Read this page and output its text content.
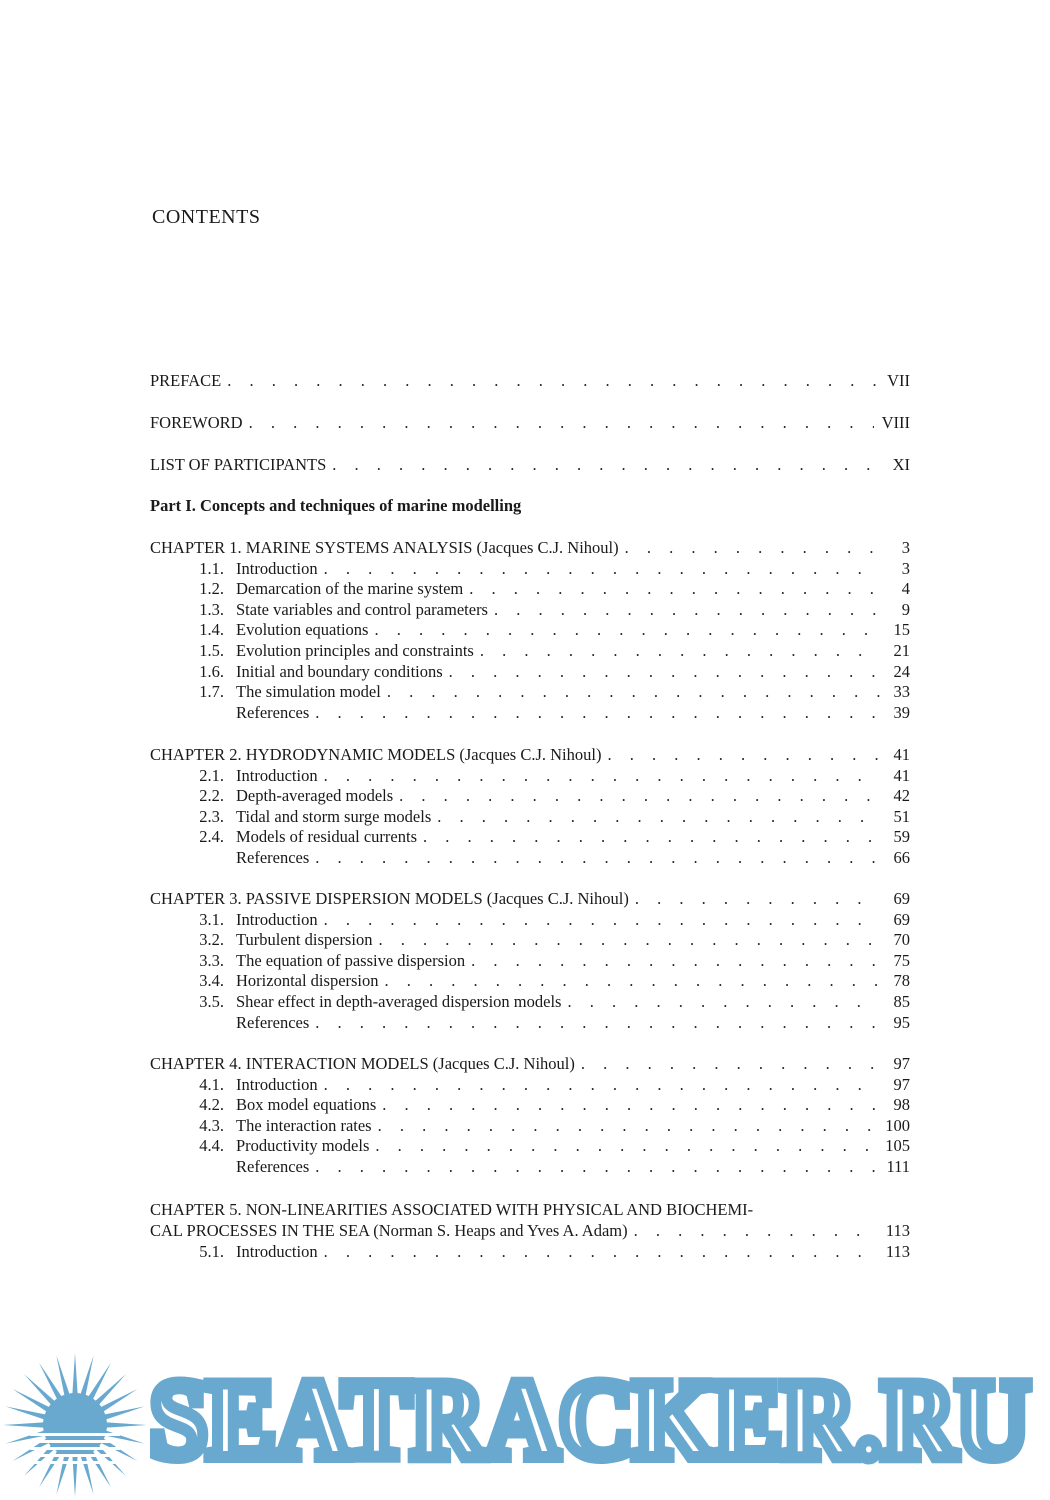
CONTENTS
PREFACE . . .	VII
FOREWORD . . .	VIII
LIST OF PARTICIPANTS . . .	XI
Part I. Concepts and techniques of marine modelling
CHAPTER 1. MARINE SYSTEMS ANALYSIS (Jacques C.J. Nihoul) . . .	3
1.1. Introduction . . .	3
1.2. Demarcation of the marine system . . .	4
1.3. State variables and control parameters . . .	9
1.4. Evolution equations . . .	15
1.5. Evolution principles and constraints . . .	21
1.6. Initial and boundary conditions . . .	24
1.7. The simulation model . . .	33
References . . .	39
CHAPTER 2. HYDRODYNAMIC MODELS (Jacques C.J. Nihoul) . . .	41
2.1. Introduction . . .	41
2.2. Depth-averaged models . . .	42
2.3. Tidal and storm surge models . . .	51
2.4. Models of residual currents . . .	59
References . . .	66
CHAPTER 3. PASSIVE DISPERSION MODELS (Jacques C.J. Nihoul) . . .	69
3.1. Introduction . . .	69
3.2. Turbulent dispersion . . .	70
3.3. The equation of passive dispersion . . .	75
3.4. Horizontal dispersion . . .	78
3.5. Shear effect in depth-averaged dispersion models . . .	85
References . . .	95
CHAPTER 4. INTERACTION MODELS (Jacques C.J. Nihoul) . . .	97
4.1. Introduction . . .	97
4.2. Box model equations . . .	98
4.3. The interaction rates . . .	100
4.4. Productivity models . . .	105
References . . .	111
CHAPTER 5. NON-LINEARITIES ASSOCIATED WITH PHYSICAL AND BIOCHEMI-
CAL PROCESSES IN THE SEA (Norman S. Heaps and Yves A. Adam) . . .	113
5.1. Introduction . . .	113
SEATRACKER.RU
